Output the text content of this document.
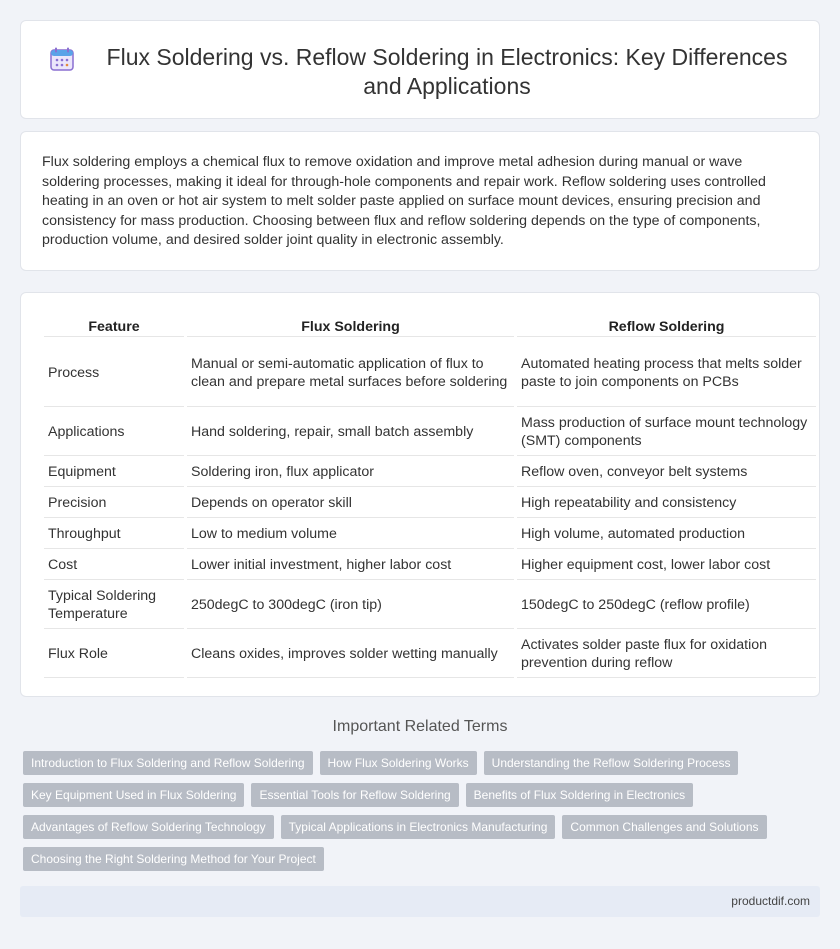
Flux Soldering vs. Reflow Soldering in Electronics: Key Differences and Applications

Flux soldering employs a chemical flux to remove oxidation and improve metal adhesion during manual or wave soldering processes, making it ideal for through-hole components and repair work. Reflow soldering uses controlled heating in an oven or hot air system to melt solder paste applied on surface mount devices, ensuring precision and consistency for mass production. Choosing between flux and reflow soldering depends on the type of components, production volume, and desired solder joint quality in electronic assembly.

Feature	Flux Soldering	Reflow Soldering
Process	Manual or semi-automatic application of flux to clean and prepare metal surfaces before soldering	Automated heating process that melts solder paste to join components on PCBs
Applications	Hand soldering, repair, small batch assembly	Mass production of surface mount technology (SMT) components
Equipment	Soldering iron, flux applicator	Reflow oven, conveyor belt systems
Precision	Depends on operator skill	High repeatability and consistency
Throughput	Low to medium volume	High volume, automated production
Cost	Lower initial investment, higher labor cost	Higher equipment cost, lower labor cost
Typical Soldering Temperature	250degC to 300degC (iron tip)	150degC to 250degC (reflow profile)
Flux Role	Cleans oxides, improves solder wetting manually	Activates solder paste flux for oxidation prevention during reflow
Important Related Terms
Introduction to Flux Soldering and Reflow Soldering	How Flux Soldering Works	Understanding the Reflow Soldering Process
Key Equipment Used in Flux Soldering	Essential Tools for Reflow Soldering	Benefits of Flux Soldering in Electronics
Advantages of Reflow Soldering Technology	Typical Applications in Electronics Manufacturing	Common Challenges and Solutions
Choosing the Right Soldering Method for Your Project
productdif.com
